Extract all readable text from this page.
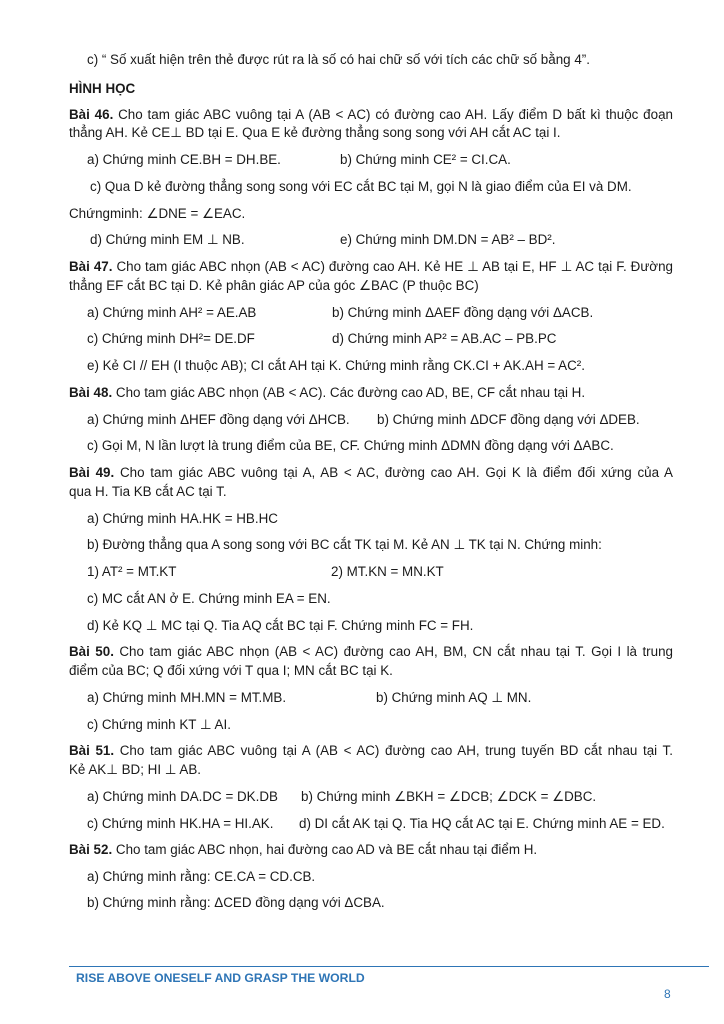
c) “ Số xuất hiện trên thẻ được rút ra là số có hai chữ số với tích các chữ số bằng 4”.
HÌNH HỌC
Bài 46. Cho tam giác ABC vuông tại A (AB < AC) có đường cao AH. Lấy điểm D bất kì thuộc đoạn
thẳng AH. Kẻ CE⊥ BD tại E. Qua E kẻ đường thẳng song song với AH cắt AC tại I.
a) Chứng minh CE.BH = DH.BE.	b) Chứng minh CE² = CI.CA.
c) Qua D kẻ đường thẳng song song với EC cắt BC tại M, gọi N là giao điểm của EI và DM.
Chứngminh: ∠DNE = ∠EAC.
d) Chứng minh EM ⊥ NB.	e) Chứng minh DM.DN = AB² – BD².
Bài 47. Cho tam giác ABC nhọn (AB < AC) đường cao AH. Kẻ HE ⊥ AB tại E, HF ⊥ AC tại F. Đường
thẳng EF cắt BC tại D. Kẻ phân giác AP của góc ∠BAC (P thuộc BC)
a) Chứng minh AH² = AE.AB	b) Chứng minh ΔAEF đồng dạng với ΔACB.
c) Chứng minh DH²= DE.DF	d) Chứng minh AP² = AB.AC – PB.PC
e) Kẻ CI // EH (I thuộc AB); CI cắt AH tại K. Chứng minh rằng CK.CI + AK.AH = AC².
Bài 48. Cho tam giác ABC nhọn (AB < AC). Các đường cao AD, BE, CF cắt nhau tại H.
a) Chứng minh ΔHEF đồng dạng với ΔHCB. b) Chứng minh ΔDCF đồng dạng với ΔDEB.
c) Gọi M, N lần lượt là trung điểm của BE, CF. Chứng minh ΔDMN đồng dạng với ΔABC.
Bài 49. Cho tam giác ABC vuông tại A, AB < AC, đường cao AH. Gọi K là điểm đối xứng của A
qua H. Tia KB cắt AC tại T.
a) Chứng minh HA.HK = HB.HC
b) Đường thẳng qua A song song với BC cắt TK tại M. Kẻ AN ⊥ TK tại N. Chứng minh:
1) AT² = MT.KT	2) MT.KN = MN.KT
c) MC cắt AN ở E. Chứng minh EA = EN.
d) Kẻ KQ ⊥ MC tại Q. Tia AQ cắt BC tại F. Chứng minh FC = FH.
Bài 50. Cho tam giác ABC nhọn (AB < AC) đường cao AH, BM, CN cắt nhau tại T. Gọi I là trung
điểm của BC; Q đối xứng với T qua I; MN cắt BC tại K.
a) Chứng minh MH.MN = MT.MB.	b) Chứng minh AQ ⊥ MN.
c) Chứng minh KT ⊥ AI.
Bài 51. Cho tam giác ABC vuông tại A (AB < AC) đường cao AH, trung tuyến BD cắt nhau tại T.
Kẻ AK⊥ BD; HI ⊥ AB.
a) Chứng minh DA.DC = DK.DB b) Chứng minh ∠BKH = ∠DCB; ∠DCK = ∠DBC.
c) Chứng minh HK.HA = HI.AK. d) DI cắt AK tại Q. Tia HQ cắt AC tại E. Chứng minh AE = ED.
Bài 52. Cho tam giác ABC nhọn, hai đường cao AD và BE cắt nhau tại điểm H.
a) Chứng minh rằng: CE.CA = CD.CB.
b) Chứng minh rằng: ΔCED đồng dạng với ΔCBA.
RISE ABOVE ONESELF AND GRASP THE WORLD
8
